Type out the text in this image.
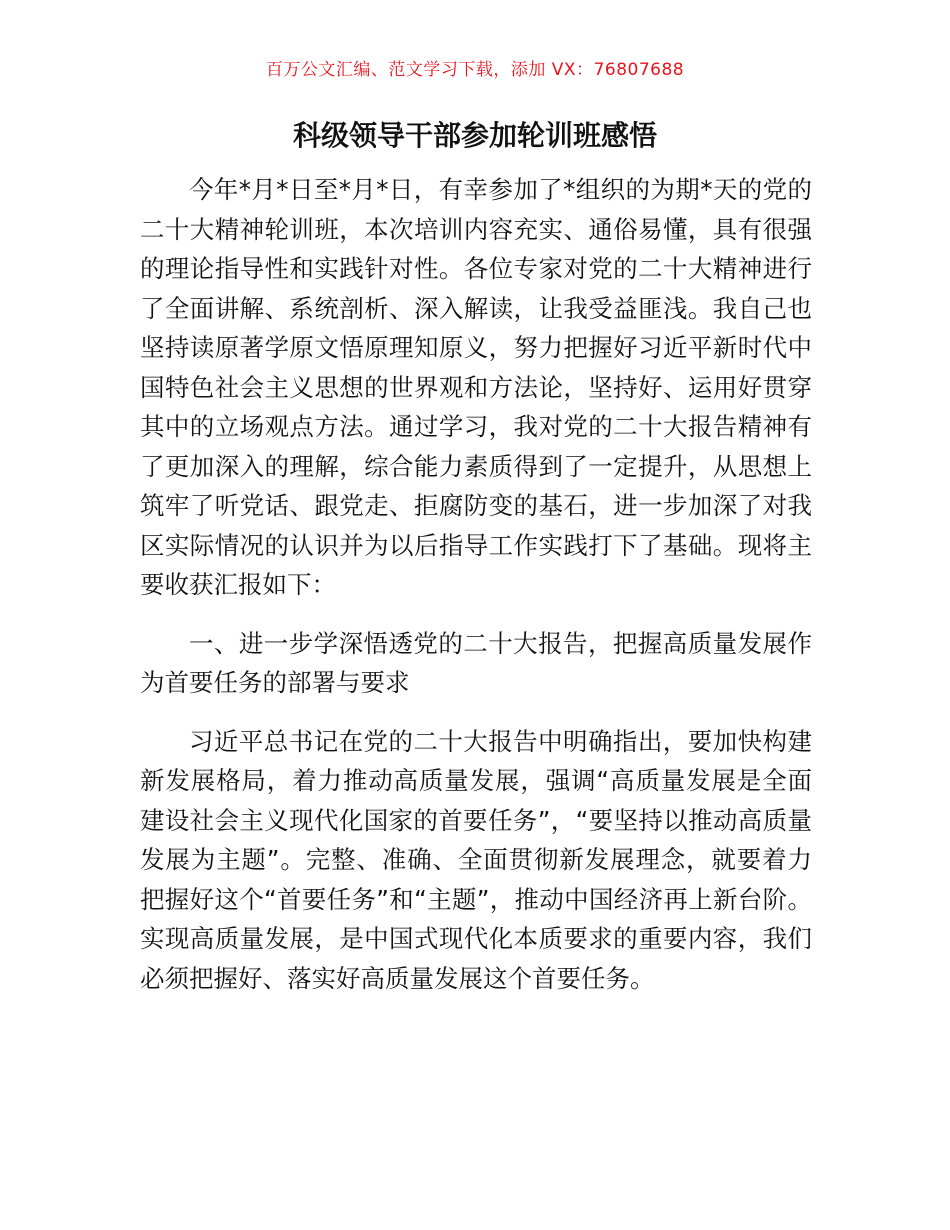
百万公文汇编、范文学习下载，添加 VX：76807688
科级领导干部参加轮训班感悟

今年*月*日至*月*日，有幸参加了*组织的为期*天的党的二十大精神轮训班，本次培训内容充实、通俗易懂，具有很强的理论指导性和实践针对性。各位专家对党的二十大精神进行了全面讲解、系统剖析、深入解读，让我受益匪浅。我自己也坚持读原著学原文悟原理知原义，努力把握好习近平新时代中国特色社会主义思想的世界观和方法论，坚持好、运用好贯穿其中的立场观点方法。通过学习，我对党的二十大报告精神有了更加深入的理解，综合能力素质得到了一定提升，从思想上筑牢了听党话、跟党走、拒腐防变的基石，进一步加深了对我区实际情况的认识并为以后指导工作实践打下了基础。现将主要收获汇报如下：

一、进一步学深悟透党的二十大报告，把握高质量发展作为首要任务的部署与要求

习近平总书记在党的二十大报告中明确指出，要加快构建新发展格局，着力推动高质量发展，强调“高质量发展是全面建设社会主义现代化国家的首要任务”，“要坚持以推动高质量发展为主题”。完整、准确、全面贯彻新发展理念，就要着力把握好这个“首要任务”和“主题”，推动中国经济再上新台阶。实现高质量发展，是中国式现代化本质要求的重要内容，我们必须把握好、落实好高质量发展这个首要任务。
